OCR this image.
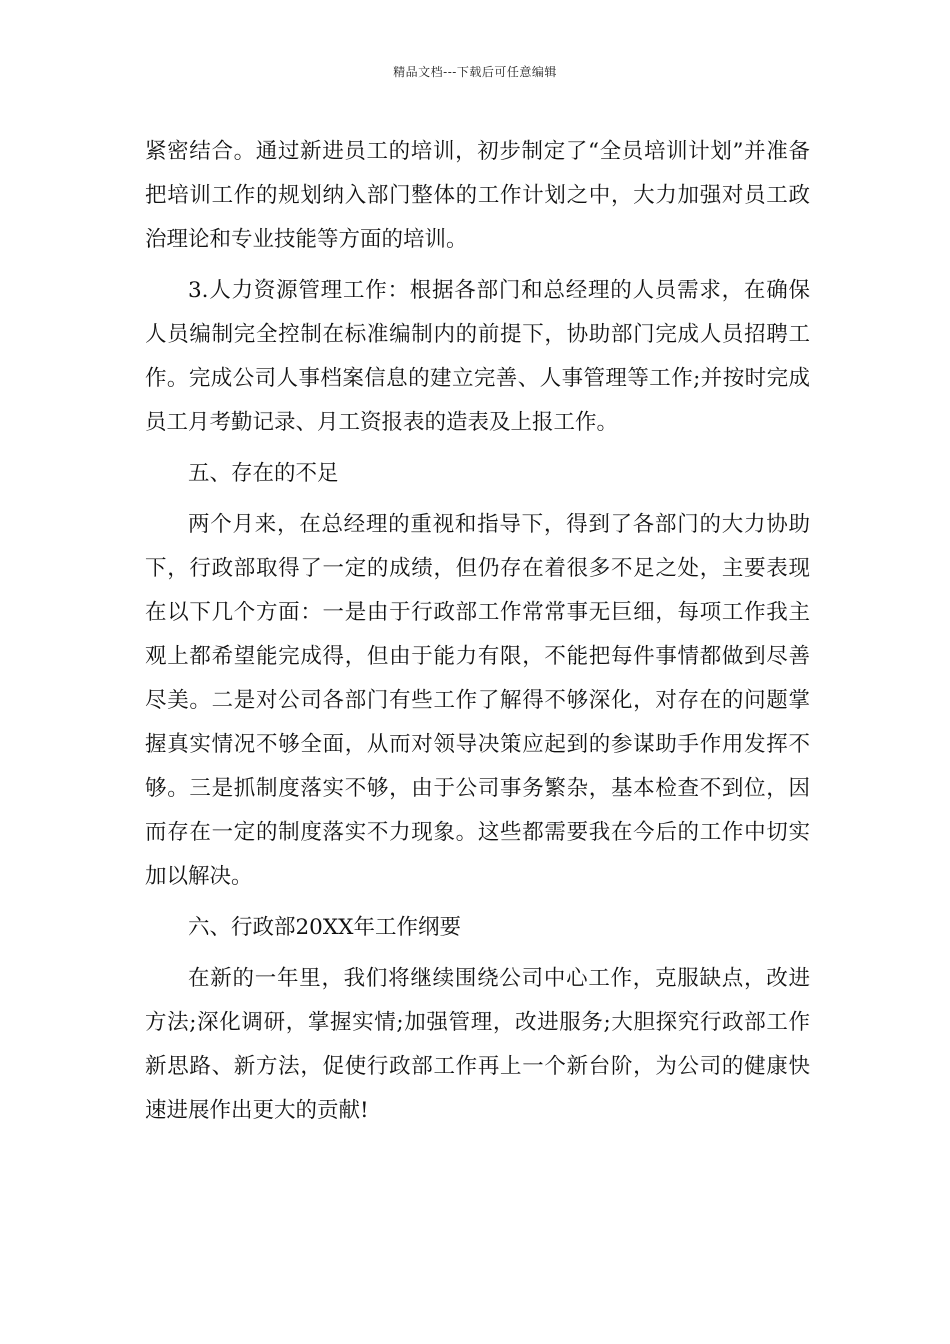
精品文档---下载后可任意编辑

紧密结合。通过新进员工的培训，初步制定了“全员培训计划”并准备把培训工作的规划纳入部门整体的工作计划之中，大力加强对员工政治理论和专业技能等方面的培训。

3.人力资源管理工作：根据各部门和总经理的人员需求，在确保人员编制完全控制在标准编制内的前提下，协助部门完成人员招聘工作。完成公司人事档案信息的建立完善、人事管理等工作;并按时完成员工月考勤记录、月工资报表的造表及上报工作。

五、存在的不足

两个月来，在总经理的重视和指导下，得到了各部门的大力协助下，行政部取得了一定的成绩，但仍存在着很多不足之处，主要表现在以下几个方面：一是由于行政部工作常常事无巨细，每项工作我主观上都希望能完成得，但由于能力有限，不能把每件事情都做到尽善尽美。二是对公司各部门有些工作了解得不够深化，对存在的问题掌握真实情况不够全面，从而对领导决策应起到的参谋助手作用发挥不够。三是抓制度落实不够，由于公司事务繁杂，基本检查不到位，因而存在一定的制度落实不力现象。这些都需要我在今后的工作中切实加以解决。

六、行政部20XX年工作纲要

在新的一年里，我们将继续围绕公司中心工作，克服缺点，改进方法;深化调研，掌握实情;加强管理，改进服务;大胆探究行政部工作新思路、新方法，促使行政部工作再上一个新台阶，为公司的健康快速进展作出更大的贡献!
